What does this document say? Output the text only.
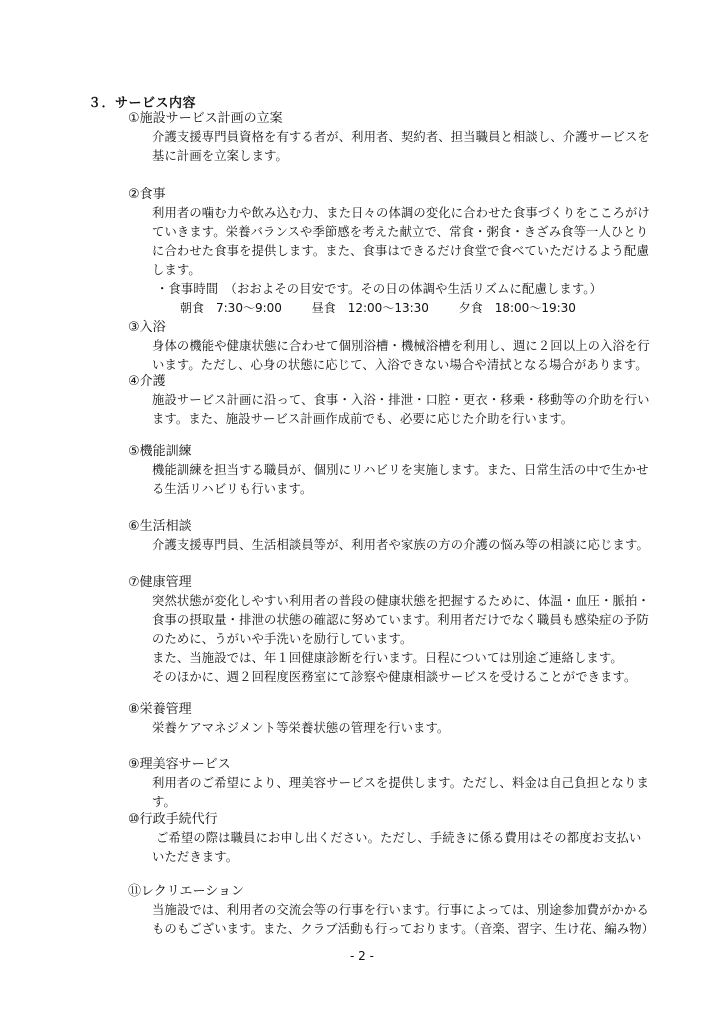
３．サービス内容
①施設サービス計画の立案
介護支援専門員資格を有する者が、利用者、契約者、担当職員と相談し、介護サービスを
基に計画を立案します。
②食事
利用者の噛む力や飲み込む力、また日々の体調の変化に合わせた食事づくりをこころがけ
ていきます。栄養バランスや季節感を考えた献立で、常食・粥食・きざみ食等一人ひとり
に合わせた食事を提供します。また、食事はできるだけ食堂で食べていただけるよう配慮
します。
・食事時間　（おおよその目安です。その日の体調や生活リズムに配慮します。）
朝食　7:30～9:00 昼食　12:00～13:30 夕食　18:00～19:30
③入浴
身体の機能や健康状態に合わせて個別浴槽・機械浴槽を利用し、週に２回以上の入浴を行
います。ただし、心身の状態に応じて、入浴できない場合や清拭となる場合があります。
④介護
施設サービス計画に沿って、食事・入浴・排泄・口腔・更衣・移乗・移動等の介助を行い
ます。また、施設サービス計画作成前でも、必要に応じた介助を行います。
⑤機能訓練
機能訓練を担当する職員が、個別にリハビリを実施します。また、日常生活の中で生かせ
る生活リハビリも行います。
⑥生活相談
介護支援専門員、生活相談員等が、利用者や家族の方の介護の悩み等の相談に応じます。
⑦健康管理
突然状態が変化しやすい利用者の普段の健康状態を把握するために、体温・血圧・脈拍・
食事の摂取量・排泄の状態の確認に努めています。利用者だけでなく職員も感染症の予防
のために、うがいや手洗いを励行しています。
また、当施設では、年１回健康診断を行います。日程については別途ご連絡します。
そのほかに、週２回程度医務室にて診察や健康相談サービスを受けることができます。
⑧栄養管理
栄養ケアマネジメント等栄養状態の管理を行います。
⑨理美容サービス
利用者のご希望により、理美容サービスを提供します。ただし、料金は自己負担となりま
す。
⑩行政手続代行
ご希望の際は職員にお申し出ください。ただし、手続きに係る費用はその都度お支払い
いただきます。
⑪レクリエーション
当施設では、利用者の交流会等の行事を行います。行事によっては、別途参加費がかかる
ものもございます。また、クラブ活動も行っております。（音楽、習字、生け花、編み物）
- 2 -
